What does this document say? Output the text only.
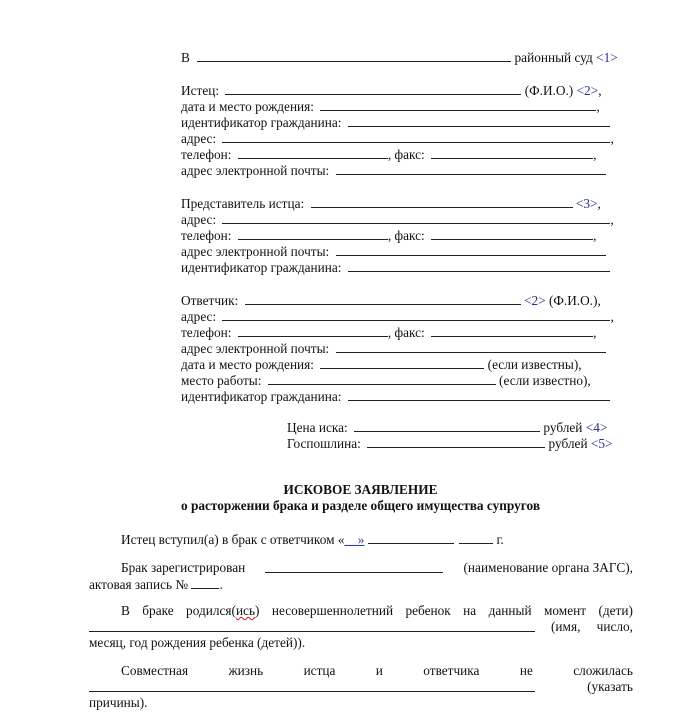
В	районный суд <1>
Истец:	(Ф.И.О.) <2>,
дата и место рождения:	,
идентификатор гражданина:
адрес:	,
телефон:	, факс:	,
адрес электронной почты:
Представитель истца:	<3>,
адрес:	,
телефон:	, факс:	,
адрес электронной почты:
идентификатор гражданина:
Ответчик:	<2> (Ф.И.О.),
адрес:	,
телефон:	, факс:	,
адрес электронной почты:
дата и место рождения:	(если известны),
место работы:	(если известно),
идентификатор гражданина:
Цена иска:	рублей <4>
Госпошлина:	рублей <5>
ИСКОВОЕ ЗАЯВЛЕНИЕ
о расторжении брака и разделе общего имущества супругов
Истец вступил(а) в брак с ответчиком «__»	г.
Брак зарегистрирован	(наименование органа ЗАГС),
актовая запись № .
В браке родился(ись) несовершеннолетний ребенок на данный момент (дети)
(имя, число,
месяц, год рождения ребенка (детей)).
Совместная	жизнь	истца	и	ответчика	не	сложилась
(указать
причины).
